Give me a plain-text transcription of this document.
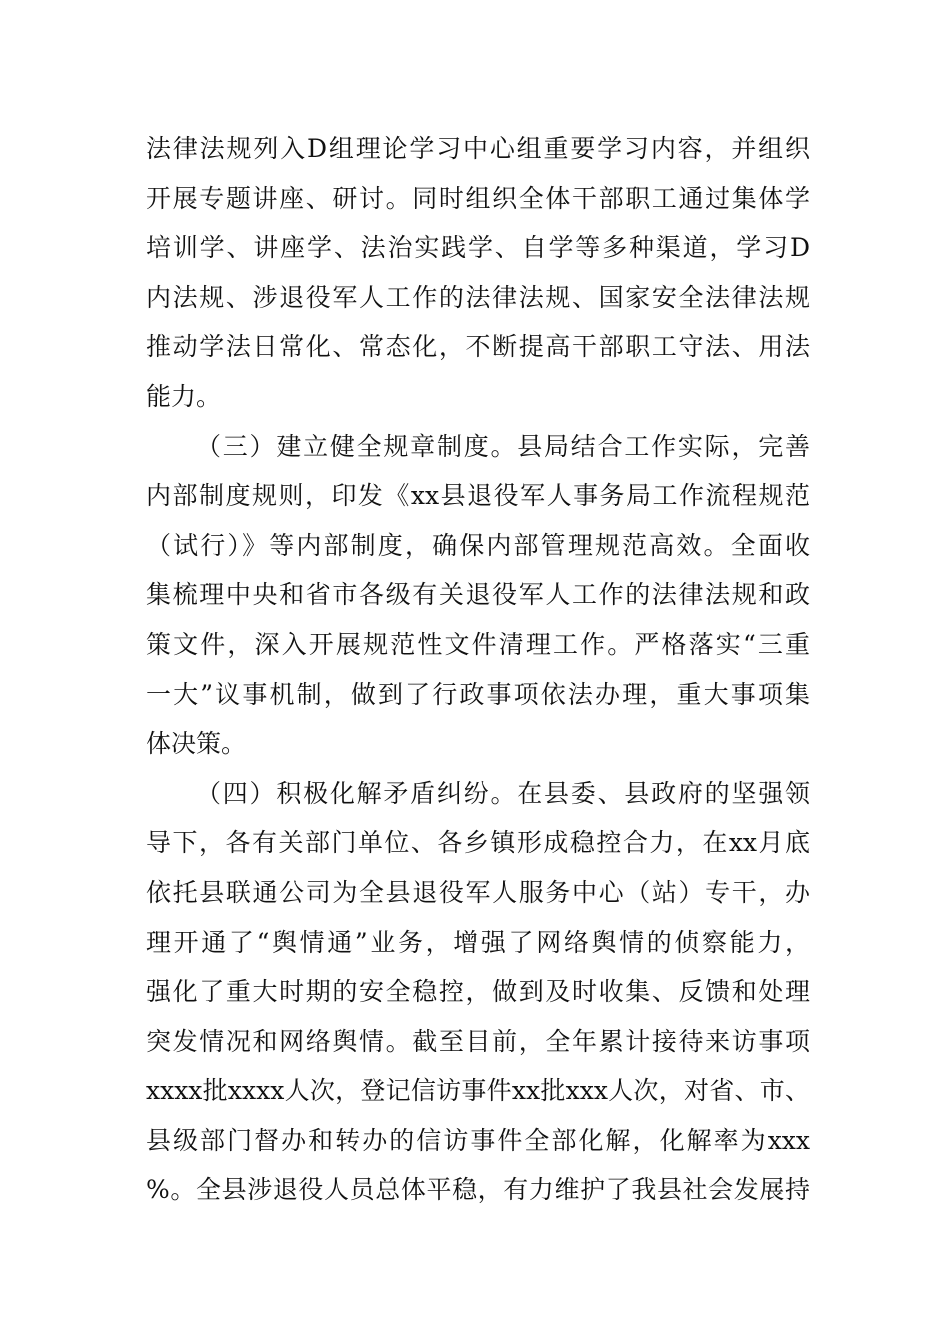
法律法规列入D组理论学习中心组重要学习内容，并组织
开展专题讲座、研讨。同时组织全体干部职工通过集体学
培训学、讲座学、法治实践学、自学等多种渠道，学习D
内法规、涉退役军人工作的法律法规、国家安全法律法规
推动学法日常化、常态化，不断提高干部职工守法、用法
能力。
（三）建立健全规章制度。县局结合工作实际，完善
内部制度规则，印发《xx县退役军人事务局工作流程规范
（试行）》等内部制度，确保内部管理规范高效。全面收
集梳理中央和省市各级有关退役军人工作的法律法规和政
策文件，深入开展规范性文件清理工作。严格落实“三重
一大”议事机制，做到了行政事项依法办理，重大事项集
体决策。
（四）积极化解矛盾纠纷。在县委、县政府的坚强领
导下，各有关部门单位、各乡镇形成稳控合力，在xx月底
依托县联通公司为全县退役军人服务中心（站）专干，办
理开通了“舆情通”业务，增强了网络舆情的侦察能力，
强化了重大时期的安全稳控，做到及时收集、反馈和处理
突发情况和网络舆情。截至目前，全年累计接待来访事项
xxxx批xxxx人次，登记信访事件xx批xxx人次，对省、市、
县级部门督办和转办的信访事件全部化解，化解率为xxx
%。全县涉退役人员总体平稳，有力维护了我县社会发展持
